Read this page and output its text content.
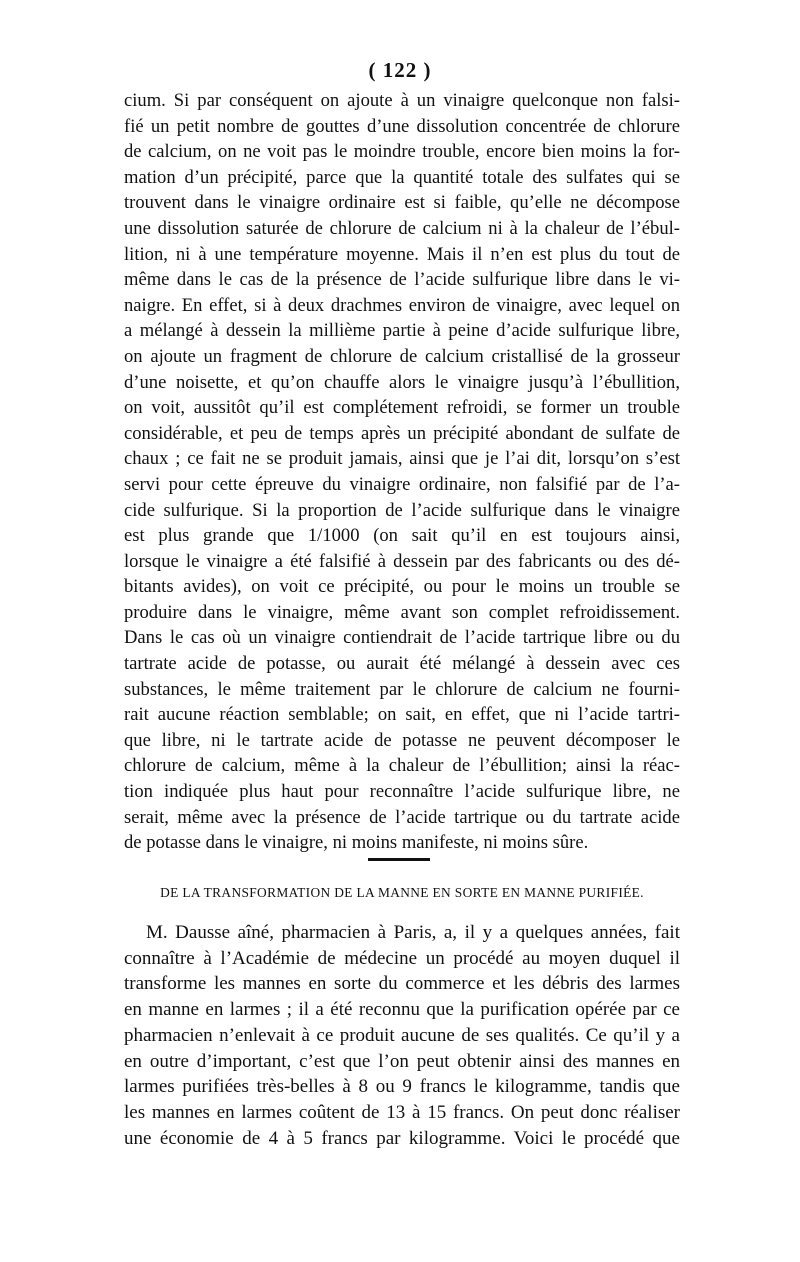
( 122 )
cium. Si par conséquent on ajoute à un vinaigre quelconque non falsi-
fié un petit nombre de gouttes d’une dissolution concentrée de chlorure
de calcium, on ne voit pas le moindre trouble, encore bien moins la for-
mation d’un précipité, parce que la quantité totale des sulfates qui se
trouvent dans le vinaigre ordinaire est si faible, qu’elle ne décompose
une dissolution saturée de chlorure de calcium ni à la chaleur de l’ébul-
lition, ni à une température moyenne. Mais il n’en est plus du tout de
même dans le cas de la présence de l’acide sulfurique libre dans le vi-
naigre. En effet, si à deux drachmes environ de vinaigre, avec lequel on
a mélangé à dessein la millième partie à peine d’acide sulfurique libre,
on ajoute un fragment de chlorure de calcium cristallisé de la grosseur
d’une noisette, et qu’on chauffe alors le vinaigre jusqu’à l’ébullition,
on voit, aussitôt qu’il est complétement refroidi, se former un trouble
considérable, et peu de temps après un précipité abondant de sulfate de
chaux ; ce fait ne se produit jamais, ainsi que je l’ai dit, lorsqu’on s’est
servi pour cette épreuve du vinaigre ordinaire, non falsifié par de l’a-
cide sulfurique. Si la proportion de l’acide sulfurique dans le vinaigre
est plus grande que 1/1000 (on sait qu’il en est toujours ainsi,
lorsque le vinaigre a été falsifié à dessein par des fabricants ou des dé-
bitants avides), on voit ce précipité, ou pour le moins un trouble se
produire dans le vinaigre, même avant son complet refroidissement.
Dans le cas où un vinaigre contiendrait de l’acide tartrique libre ou du
tartrate acide de potasse, ou aurait été mélangé à dessein avec ces
substances, le même traitement par le chlorure de calcium ne fourni-
rait aucune réaction semblable; on sait, en effet, que ni l’acide tartri-
que libre, ni le tartrate acide de potasse ne peuvent décomposer le
chlorure de calcium, même à la chaleur de l’ébullition; ainsi la réac-
tion indiquée plus haut pour reconnaître l’acide sulfurique libre, ne
serait, même avec la présence de l’acide tartrique ou du tartrate acide
de potasse dans le vinaigre, ni moins manifeste, ni moins sûre.
DE LA TRANSFORMATION DE LA MANNE EN SORTE EN MANNE PURIFIÉE.
M. Dausse aîné, pharmacien à Paris, a, il y a quelques années, fait
connaître à l’Académie de médecine un procédé au moyen duquel il
transforme les mannes en sorte du commerce et les débris des larmes
en manne en larmes ; il a été reconnu que la purification opérée par ce
pharmacien n’enlevait à ce produit aucune de ses qualités. Ce qu’il y a
en outre d’important, c’est que l’on peut obtenir ainsi des mannes en
larmes purifiées très-belles à 8 ou 9 francs le kilogramme, tandis que
les mannes en larmes coûtent de 13 à 15 francs. On peut donc réaliser
une économie de 4 à 5 francs par kilogramme. Voici le procédé que
